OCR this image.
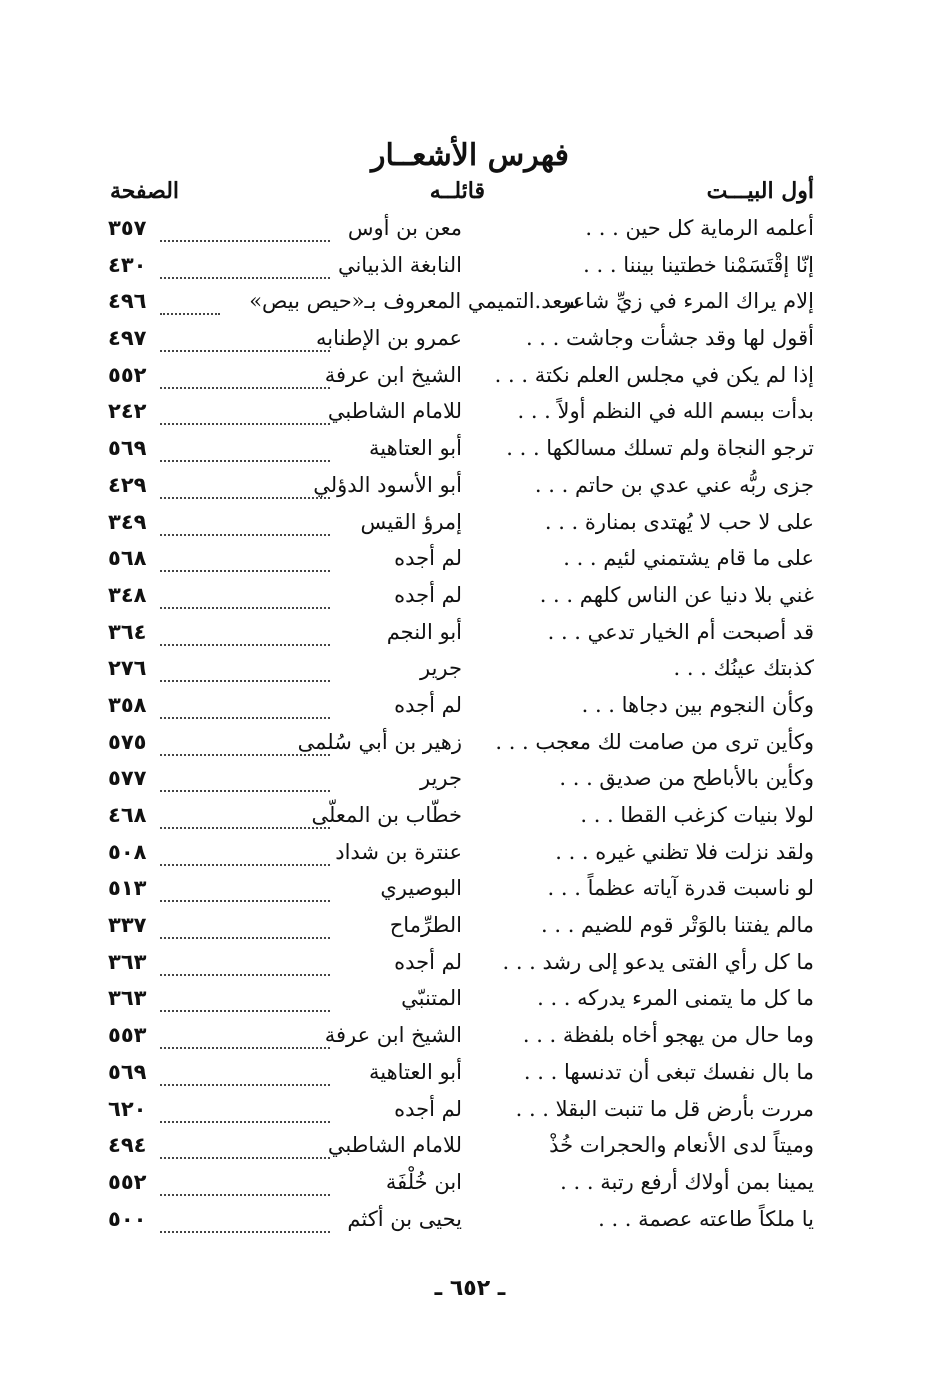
فهرس الأشعــار
أول البيـــت
قائلــه
الصفحة
أعلمه الرماية كل حين . . .
معن بن أوس
٣٥٧
إنّا إقْتَسَمْنا خطتينا بيننا . . .
النابغة الذبياني
٤٣٠
إلام يراك المرء في زيِّ شاعر . .
سعد التميمي المعروف بـ«حيص بيص»
٤٩٦
أقول لها وقد جشأت وجاشت . . .
عمرو بن الإطنابه
٤٩٧
إذا لم يكن في مجلس العلم نكتة . . .
الشيخ ابن عرفة
٥٥٢
بدأت ببسم الله في النظم أولاً . . .
للامام الشاطبي
٢٤٢
ترجو النجاة ولم تسلك مسالكها . . .
أبو العتاهية
٥٦٩
جزى ربُّه عني عدي بن حاتم . . .
أبو الأسود الدؤلي
٤٢٩
على لا حب لا يُهتدى بمنارة . . .
إمرؤ القيس
٣٤٩
على ما قام يشتمني لئيم . . .
لم أجده
٥٦٨
غني بلا دنيا عن الناس كلهم . . .
لم أجده
٣٤٨
قد أصبحت أم الخيار تدعي . . .
أبو النجم
٣٦٤
كذبتك عينُك . . .
جرير
٢٧٦
وكأن النجوم بين دجاها . . .
لم أجده
٣٥٨
وكأين ترى من صامت لك معجب . . .
زهير بن أبي سُلمى
٥٧٥
وكأين بالأباطح من صديق . . .
جرير
٥٧٧
لولا بنيات كزغب القطا . . .
خطّاب بن المعلّى
٤٦٨
ولقد نزلت فلا تظني غيره . . .
عنترة بن شداد
٥٠٨
لو ناسبت قدرة آياته عظماً . . .
البوصيري
٥١٣
مالم يفتنا بالوَتْر قوم للضيم . . .
الطرِّماح
٣٣٧
ما كل رأي الفتى يدعو إلى رشد . . .
لم أجده
٣٦٣
ما كل ما يتمنى المرء يدركه . . .
المتنبّي
٣٦٣
وما حال من يهجو أخاه بلفظة . . .
الشيخ ابن عرفة
٥٥٣
ما بال نفسك تبغى أن تدنسها . . .
أبو العتاهية
٥٦٩
مررت بأرض قل ما تنبت البقلا . . .
لم أجده
٦٢٠
وميتاً لدى الأنعام والحجرات خُذْ
للامام الشاطبي
٤٩٤
يمينا بمن أولاك أرفع رتبة . . .
ابن خُلْفَة
٥٥٢
يا ملكاً طاعته عصمة . . .
يحيى بن أكثم
٥٠٠
ـ ٦٥٢ ـ
